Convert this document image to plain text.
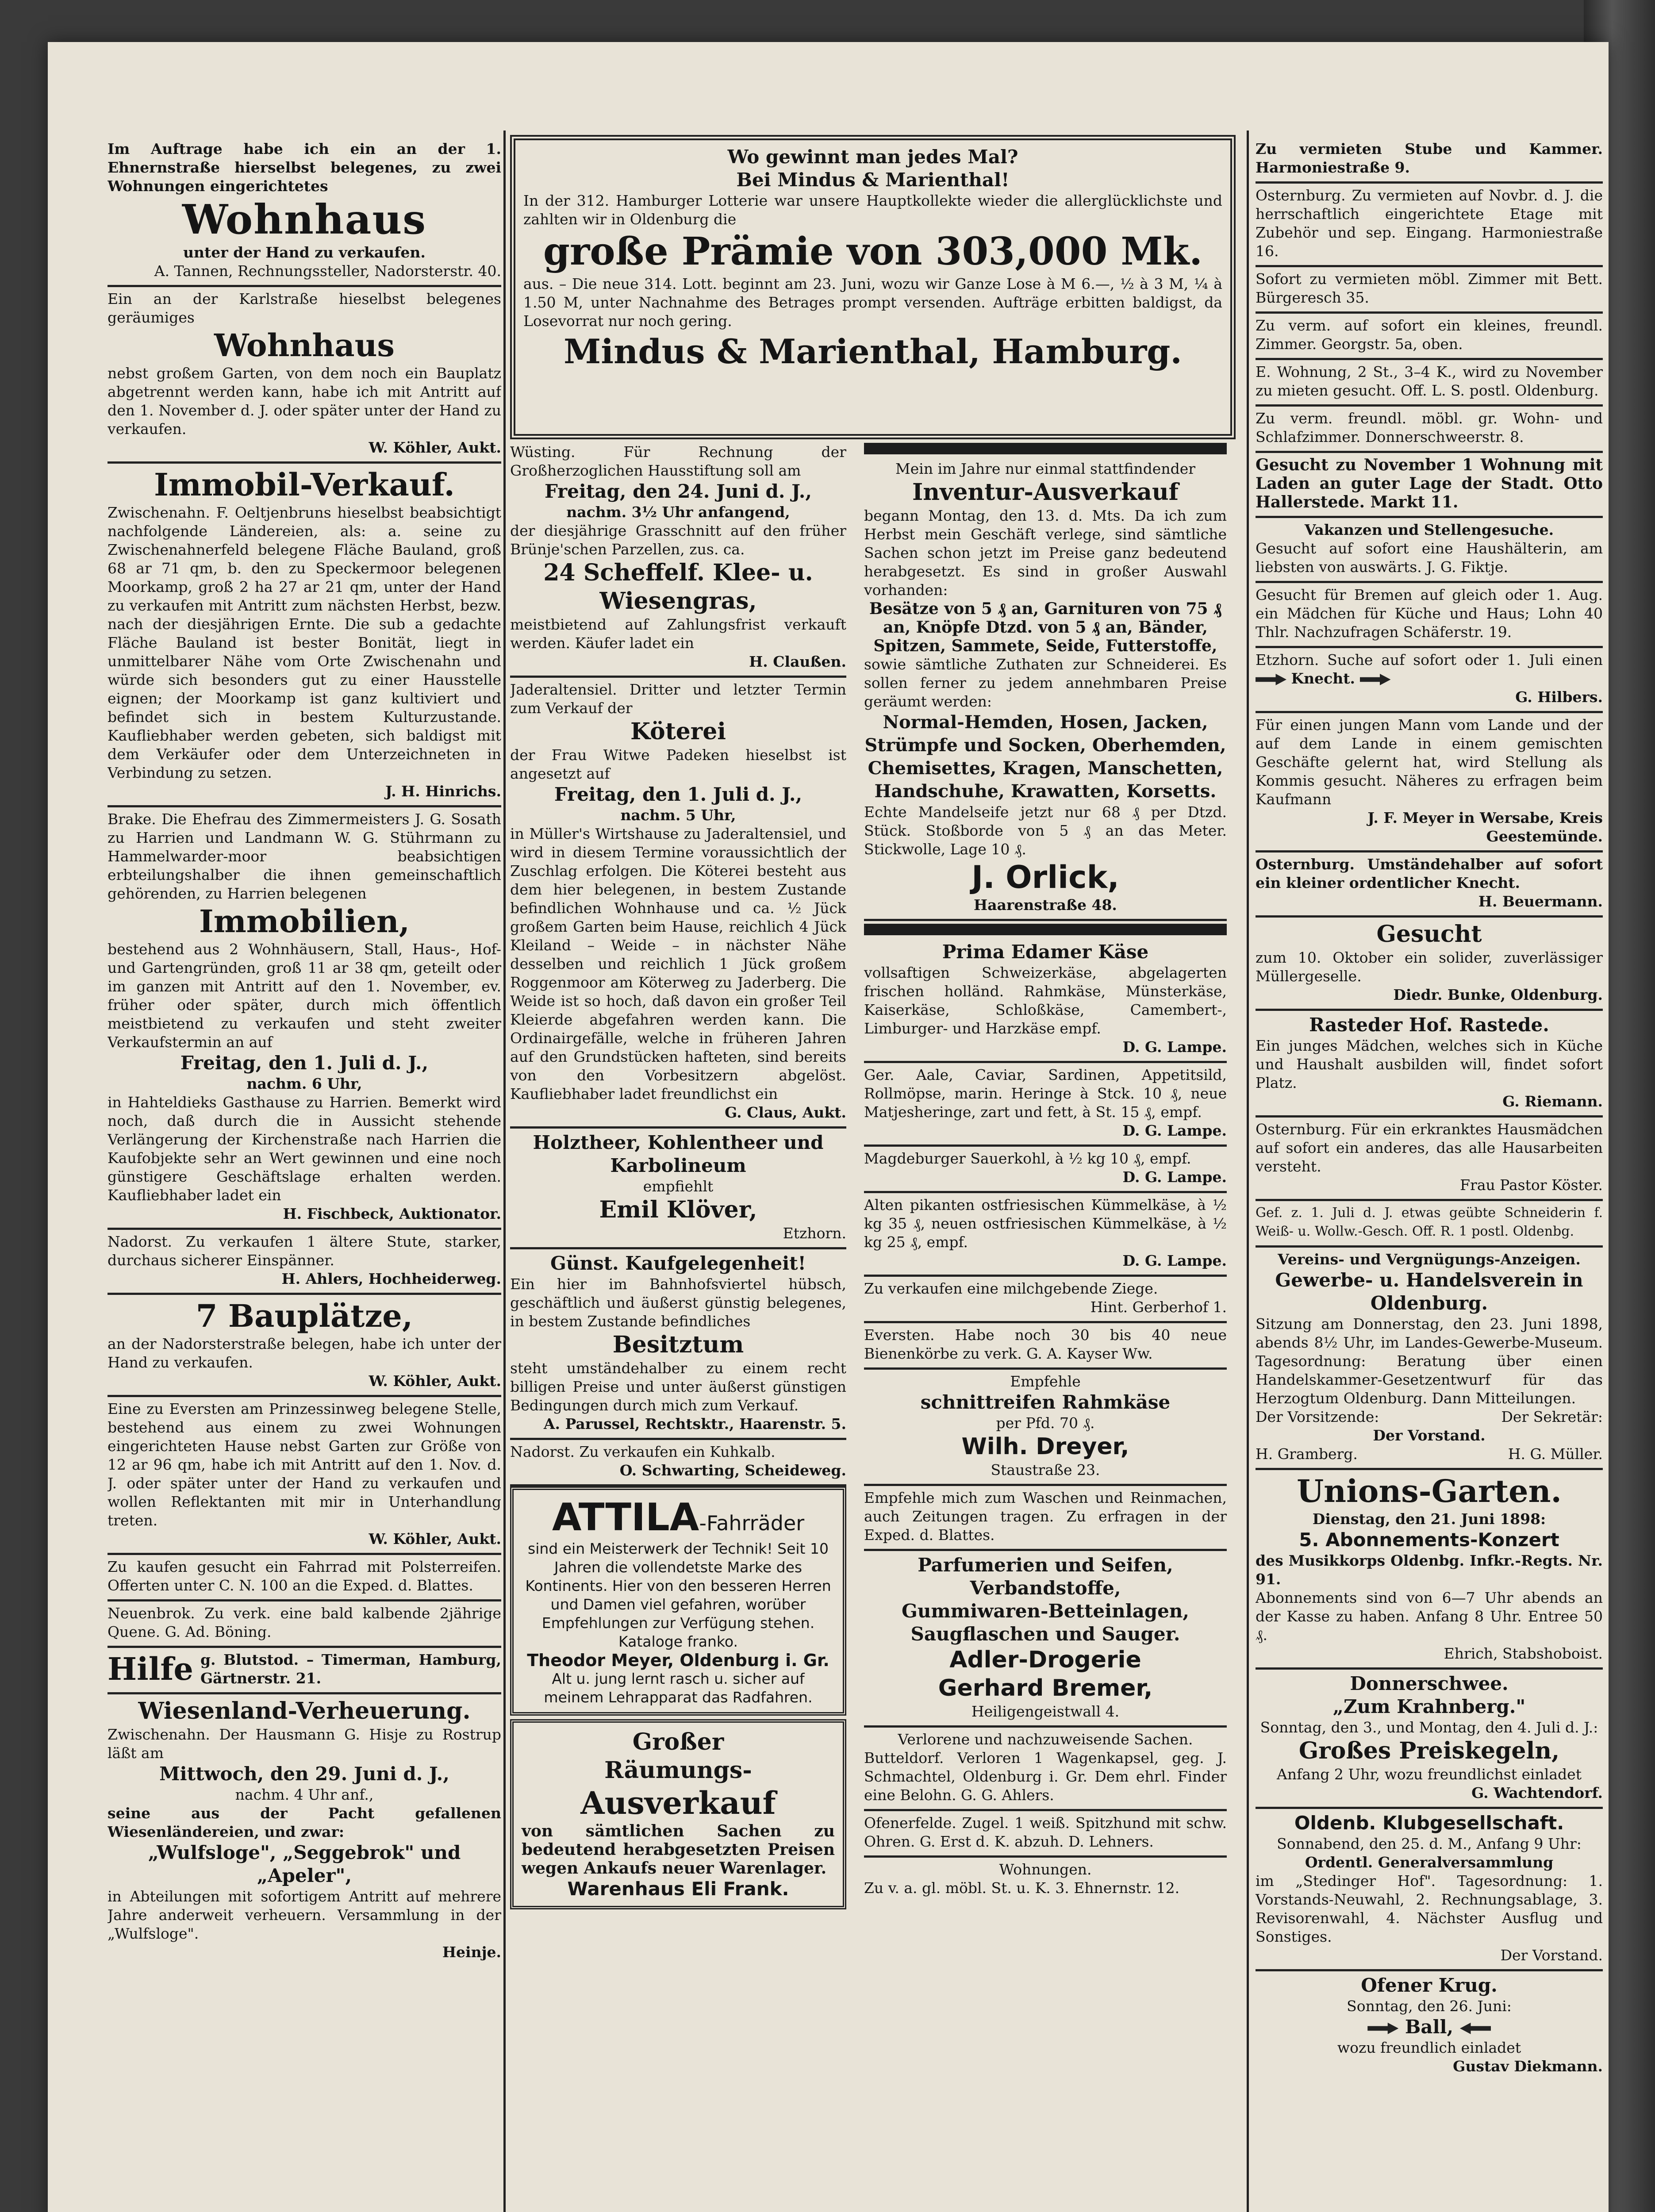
Im Auftrage habe ich ein an der 1. Ehnernstraße hierselbst belegenes, zu zwei Wohnungen eingerichtetes

Wohnhaus

unter der Hand zu verkaufen.

A. Tannen, Rechnungssteller, Nadorsterstr. 40.

Ein an der Karlstraße hieselbst belegenes geräumiges

Wohnhaus

nebst großem Garten, von dem noch ein Bauplatz abgetrennt werden kann, habe ich mit Antritt auf den 1. November d. J. oder später unter der Hand zu verkaufen.

W. Köhler, Aukt.

Immobil-Verkauf.

Zwischenahn. F. Oeltjenbruns hieselbst beabsichtigt nachfolgende Ländereien, als: a. seine zu Zwischenahnerfeld belegene Fläche Bauland, groß 68 ar 71 qm, b. den zu Speckermoor belegenen Moorkamp, groß 2 ha 27 ar 21 qm, unter der Hand zu verkaufen mit Antritt zum nächsten Herbst, bezw. nach der diesjährigen Ernte. Die sub a gedachte Fläche Bauland ist bester Bonität, liegt in unmittelbarer Nähe vom Orte Zwischenahn und würde sich besonders gut zu einer Hausstelle eignen; der Moorkamp ist ganz kultiviert und befindet sich in bestem Kulturzustande. Kaufliebhaber werden gebeten, sich baldigst mit dem Verkäufer oder dem Unterzeichneten in Verbindung zu setzen.

J. H. Hinrichs.

Brake. Die Ehefrau des Zimmermeisters J. G. Sosath zu Harrien und Landmann W. G. Stührmann zu Hammelwarder-moor beabsichtigen erbteilungshalber die ihnen gemeinschaftlich gehörenden, zu Harrien belegenen

Immobilien,

bestehend aus 2 Wohnhäusern, Stall, Haus-, Hof- und Gartengründen, groß 11 ar 38 qm, geteilt oder im ganzen mit Antritt auf den 1. November, ev. früher oder später, durch mich öffentlich meistbietend zu verkaufen und steht zweiter Verkaufstermin an auf

Freitag, den 1. Juli d. J.,

nachm. 6 Uhr,

in Hahteldieks Gasthause zu Harrien. Bemerkt wird noch, daß durch die in Aussicht stehende Verlängerung der Kirchenstraße nach Harrien die Kaufobjekte sehr an Wert gewinnen und eine noch günstigere Geschäftslage erhalten werden. Kaufliebhaber ladet ein

H. Fischbeck, Auktionator.

Nadorst. Zu verkaufen 1 ältere Stute, starker, durchaus sicherer Einspänner.

H. Ahlers, Hochheiderweg.

7 Bauplätze,

an der Nadorsterstraße belegen, habe ich unter der Hand zu verkaufen.

W. Köhler, Aukt.

Eine zu Eversten am Prinzessinweg belegene Stelle, bestehend aus einem zu zwei Wohnungen eingerichteten Hause nebst Garten zur Größe von 12 ar 96 qm, habe ich mit Antritt auf den 1. Nov. d. J. oder später unter der Hand zu verkaufen und wollen Reflektanten mit mir in Unterhandlung treten.

W. Köhler, Aukt.

Zu kaufen gesucht ein Fahrrad mit Polsterreifen. Offerten unter C. N. 100 an die Exped. d. Blattes.

Neuenbrok. Zu verk. eine bald kalbende 2jährige Quene. G. Ad. Böning.

Hilfe g. Blutstod. – Timerman, Hamburg, Gärtnerstr. 21.

Wiesenland-Verheuerung.

Zwischenahn. Der Hausmann G. Hisje zu Rostrup läßt am

Mittwoch, den 29. Juni d. J.,

nachm. 4 Uhr anf.,

seine aus der Pacht gefallenen Wiesenländereien, und zwar:

„Wulfsloge", „Seggebrok" und „Apeler",

in Abteilungen mit sofortigem Antritt auf mehrere Jahre anderweit verheuern. Versammlung in der „Wulfsloge".

Heinje.

Wo gewinnt man jedes Mal?

Bei Mindus & Marienthal!

In der 312. Hamburger Lotterie war unsere Hauptkollekte wieder die allerglücklichste und zahlten wir in Oldenburg die

große Prämie von 303,000 Mk.

aus. – Die neue 314. Lott. beginnt am 23. Juni, wozu wir Ganze Lose à M 6.—, ½ à 3 M, ¼ à 1.50 M, unter Nachnahme des Betrages prompt versenden. Aufträge erbitten baldigst, da Losevorrat nur noch gering.

Mindus & Marienthal, Hamburg.

Wüsting. Für Rechnung der Großherzoglichen Hausstiftung soll am

Freitag, den 24. Juni d. J.,

nachm. 3½ Uhr anfangend,

der diesjährige Grasschnitt auf den früher Brünje'schen Parzellen, zus. ca.

24 Scheffelf. Klee- u. Wiesengras,

meistbietend auf Zahlungsfrist verkauft werden. Käufer ladet ein

H. Claußen.

Jaderaltensiel. Dritter und letzter Termin zum Verkauf der

Köterei

der Frau Witwe Padeken hieselbst ist angesetzt auf

Freitag, den 1. Juli d. J.,

nachm. 5 Uhr,

in Müller's Wirtshause zu Jaderaltensiel, und wird in diesem Termine voraussichtlich der Zuschlag erfolgen. Die Köterei besteht aus dem hier belegenen, in bestem Zustande befindlichen Wohnhause und ca. ½ Jück großem Garten beim Hause, reichlich 4 Jück Kleiland – Weide – in nächster Nähe desselben und reichlich 1 Jück großem Roggenmoor am Köterweg zu Jaderberg. Die Weide ist so hoch, daß davon ein großer Teil Kleierde abgefahren werden kann. Die Ordinairgefälle, welche in früheren Jahren auf den Grundstücken hafteten, sind bereits von den Vorbesitzern abgelöst. Kaufliebhaber ladet freundlichst ein

G. Claus, Aukt.

Holztheer, Kohlentheer und Karbolineum

empfiehlt

Emil Klöver,

Etzhorn.

Günst. Kaufgelegenheit!

Ein hier im Bahnhofsviertel hübsch, geschäftlich und äußerst günstig belegenes, in bestem Zustande befindliches

Besitztum

steht umständehalber zu einem recht billigen Preise und unter äußerst günstigen Bedingungen durch mich zum Verkauf.

A. Parussel, Rechtsktr., Haarenstr. 5.

Nadorst. Zu verkaufen ein Kuhkalb.

O. Schwarting, Scheideweg.

ATTILA-Fahrräder

sind ein Meisterwerk der Technik! Seit 10 Jahren die vollendetste Marke des Kontinents. Hier von den besseren Herren und Damen viel gefahren, worüber Empfehlungen zur Verfügung stehen. Kataloge franko.

Theodor Meyer, Oldenburg i. Gr.

Alt u. jung lernt rasch u. sicher auf meinem Lehrapparat das Radfahren.

Großer

Räumungs-

Ausverkauf

von sämtlichen Sachen zu bedeutend herabgesetzten Preisen wegen Ankaufs neuer Warenlager.

Warenhaus Eli Frank.

Mein im Jahre nur einmal stattfindender

Inventur-Ausverkauf

begann Montag, den 13. d. Mts. Da ich zum Herbst mein Geschäft verlege, sind sämtliche Sachen schon jetzt im Preise ganz bedeutend herabgesetzt. Es sind in großer Auswahl vorhanden:

Besätze von 5 ₰ an, Garnituren von 75 ₰ an, Knöpfe Dtzd. von 5 ₰ an, Bänder, Spitzen, Sammete, Seide, Futterstoffe,

sowie sämtliche Zuthaten zur Schneiderei. Es sollen ferner zu jedem annehmbaren Preise geräumt werden:

Normal-Hemden, Hosen, Jacken, Strümpfe und Socken, Oberhemden, Chemisettes, Kragen, Manschetten, Handschuhe, Krawatten, Korsetts.

Echte Mandelseife jetzt nur 68 ₰ per Dtzd. Stück. Stoßborde von 5 ₰ an das Meter. Stickwolle, Lage 10 ₰.

J. Orlick,

Haarenstraße 48.

Prima Edamer Käse

vollsaftigen Schweizerkäse, abgelagerten frischen holländ. Rahmkäse, Münsterkäse, Kaiserkäse, Schloßkäse, Camembert-, Limburger- und Harzkäse empf.

D. G. Lampe.

Ger. Aale, Caviar, Sardinen, Appetitsild, Rollmöpse, marin. Heringe à Stck. 10 ₰, neue Matjesheringe, zart und fett, à St. 15 ₰, empf.

D. G. Lampe.

Magdeburger Sauerkohl, à ½ kg 10 ₰, empf.

D. G. Lampe.

Alten pikanten ostfriesischen Kümmelkäse, à ½ kg 35 ₰, neuen ostfriesischen Kümmelkäse, à ½ kg 25 ₰, empf.

D. G. Lampe.

Zu verkaufen eine milchgebende Ziege.

Hint. Gerberhof 1.

Eversten. Habe noch 30 bis 40 neue Bienenkörbe zu verk. G. A. Kayser Ww.

Empfehle

schnittreifen Rahmkäse

per Pfd. 70 ₰.

Wilh. Dreyer,

Staustraße 23.

Empfehle mich zum Waschen und Reinmachen, auch Zeitungen tragen. Zu erfragen in der Exped. d. Blattes.

Parfumerien und Seifen,

Verbandstoffe,

Gummiwaren-Betteinlagen,

Saugflaschen und Sauger.

Adler-Drogerie

Gerhard Bremer,

Heiligengeistwall 4.

Verlorene und nachzuweisende Sachen.

Butteldorf. Verloren 1 Wagenkapsel, geg. J. Schmachtel, Oldenburg i. Gr. Dem ehrl. Finder eine Belohn. G. G. Ahlers.

Ofenerfelde. Zugel. 1 weiß. Spitzhund mit schw. Ohren. G. Erst d. K. abzuh. D. Lehners.

Wohnungen.

Zu v. a. gl. möbl. St. u. K. 3. Ehnernstr. 12.

Zu vermieten Stube und Kammer. Harmoniestraße 9.

Osternburg. Zu vermieten auf Novbr. d. J. die herrschaftlich eingerichtete Etage mit Zubehör und sep. Eingang. Harmoniestraße 16.

Sofort zu vermieten möbl. Zimmer mit Bett. Bürgeresch 35.

Zu verm. auf sofort ein kleines, freundl. Zimmer. Georgstr. 5a, oben.

E. Wohnung, 2 St., 3–4 K., wird zu November zu mieten gesucht. Off. L. S. postl. Oldenburg.

Zu verm. freundl. möbl. gr. Wohn- und Schlafzimmer. Donnerschweerstr. 8.

Gesucht zu November 1 Wohnung mit Laden an guter Lage der Stadt. Otto Hallerstede. Markt 11.

Vakanzen und Stellengesuche.

Gesucht auf sofort eine Haushälterin, am liebsten von auswärts. J. G. Fiktje.

Gesucht für Bremen auf gleich oder 1. Aug. ein Mädchen für Küche und Haus; Lohn 40 Thlr. Nachzufragen Schäferstr. 19.

Etzhorn. Suche auf sofort oder 1. Juli einen  Knecht.

G. Hilbers.

Für einen jungen Mann vom Lande und der auf dem Lande in einem gemischten Geschäfte gelernt hat, wird Stellung als Kommis gesucht. Näheres zu erfragen beim Kaufmann

J. F. Meyer in Wersabe, Kreis Geestemünde.

Osternburg. Umständehalber auf sofort ein kleiner ordentlicher Knecht.

H. Beuermann.

Gesucht

zum 10. Oktober ein solider, zuverlässiger Müllergeselle.

Diedr. Bunke, Oldenburg.

Rasteder Hof. Rastede.

Ein junges Mädchen, welches sich in Küche und Haushalt ausbilden will, findet sofort Platz.

G. Riemann.

Osternburg. Für ein erkranktes Hausmädchen auf sofort ein anderes, das alle Hausarbeiten versteht.

Frau Pastor Köster.

Gef. z. 1. Juli d. J. etwas geübte Schneiderin f. Weiß- u. Wollw.-Gesch. Off. R. 1 postl. Oldenbg.

Vereins- und Vergnügungs-Anzeigen.

Gewerbe- u. Handelsverein in Oldenburg.

Sitzung am Donnerstag, den 23. Juni 1898, abends 8½ Uhr, im Landes-Gewerbe-Museum. Tagesordnung: Beratung über einen Handelskammer-Gesetzentwurf für das Herzogtum Oldenburg. Dann Mitteilungen.

Der Vorsitzende:	Der Sekretär:

Der Vorstand.

H. Gramberg.	H. G. Müller.

Unions-Garten.

Dienstag, den 21. Juni 1898:

5. Abonnements-Konzert

des Musikkorps Oldenbg. Infkr.-Regts. Nr. 91.

Abonnements sind von 6—7 Uhr abends an der Kasse zu haben. Anfang 8 Uhr. Entree 50 ₰.

Ehrich, Stabshoboist.

Donnerschwee.

„Zum Krahnberg."

Sonntag, den 3., und Montag, den 4. Juli d. J.:

Großes Preiskegeln,

Anfang 2 Uhr, wozu freundlichst einladet

G. Wachtendorf.

Oldenb. Klubgesellschaft.

Sonnabend, den 25. d. M., Anfang 9 Uhr:

Ordentl. Generalversammlung

im „Stedinger Hof". Tagesordnung: 1. Vorstands-Neuwahl, 2. Rechnungsablage, 3. Revisorenwahl, 4. Nächster Ausflug und Sonstiges.

Der Vorstand.

Ofener Krug.

Sonntag, den 26. Juni:

Ball,

wozu freundlich einladet

Gustav Diekmann.
